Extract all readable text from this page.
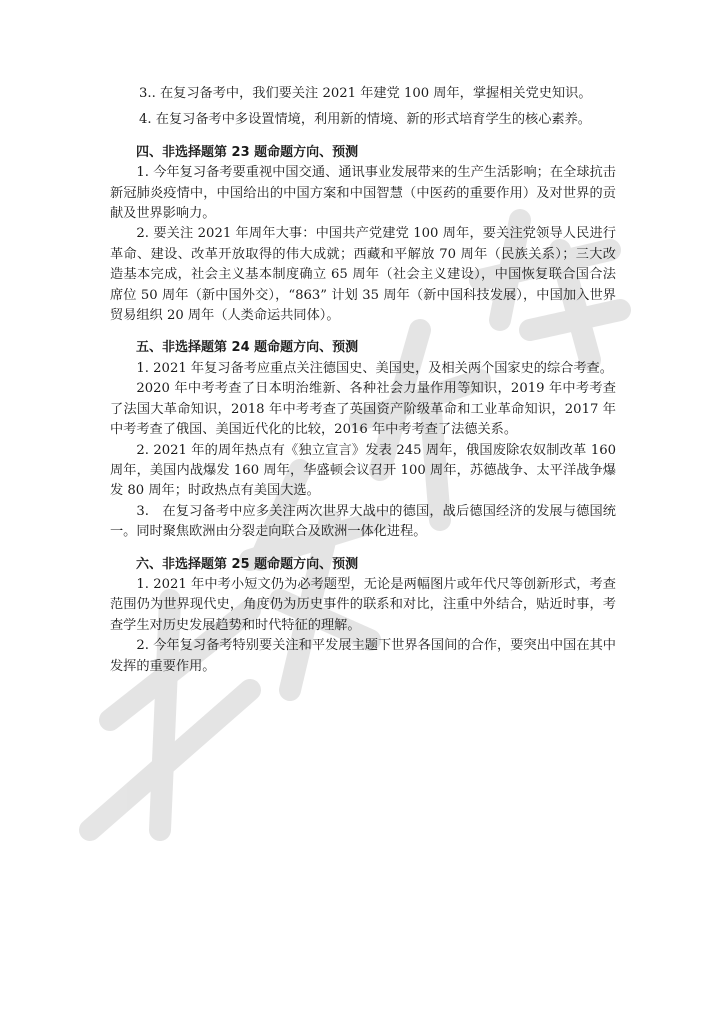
3.. 在复习备考中，我们要关注 2021 年建党 100 周年，掌握相关党史知识。

4. 在复习备考中多设置情境，利用新的情境、新的形式培育学生的核心素养。

四、非选择题第 23 题命题方向、预测

1. 今年复习备考要重视中国交通、通讯事业发展带来的生产生活影响；在全球抗击新冠肺炎疫情中，中国给出的中国方案和中国智慧（中医药的重要作用）及对世界的贡献及世界影响力。

2. 要关注 2021 年周年大事：中国共产党建党 100 周年，要关注党领导人民进行革命、建设、改革开放取得的伟大成就；西藏和平解放 70 周年（民族关系）；三大改造基本完成，社会主义基本制度确立 65 周年（社会主义建设），中国恢复联合国合法席位 50 周年（新中国外交），“863” 计划 35 周年（新中国科技发展），中国加入世界贸易组织 20 周年（人类命运共同体）。

五、非选择题第 24 题命题方向、预测

1. 2021 年复习备考应重点关注德国史、美国史，及相关两个国家史的综合考查。

2020 年中考考查了日本明治维新、各种社会力量作用等知识，2019 年中考考查了法国大革命知识，2018 年中考考查了英国资产阶级革命和工业革命知识，2017 年中考考查了俄国、美国近代化的比较，2016 年中考考查了法德关系。

2. 2021 年的周年热点有《独立宣言》发表 245 周年，俄国废除农奴制改革 160 周年，美国内战爆发 160 周年，华盛顿会议召开 100 周年，苏德战争、太平洋战争爆发 80 周年；时政热点有美国大选。

3.　在复习备考中应多关注两次世界大战中的德国，战后德国经济的发展与德国统一。同时聚焦欧洲由分裂走向联合及欧洲一体化进程。

六、非选择题第 25 题命题方向、预测

1. 2021 年中考小短文仍为必考题型，无论是两幅图片或年代尺等创新形式，考查范围仍为世界现代史，角度仍为历史事件的联系和对比，注重中外结合，贴近时事，考查学生对历史发展趋势和时代特征的理解。

2. 今年复习备考特别要关注和平发展主题下世界各国间的合作，要突出中国在其中发挥的重要作用。
